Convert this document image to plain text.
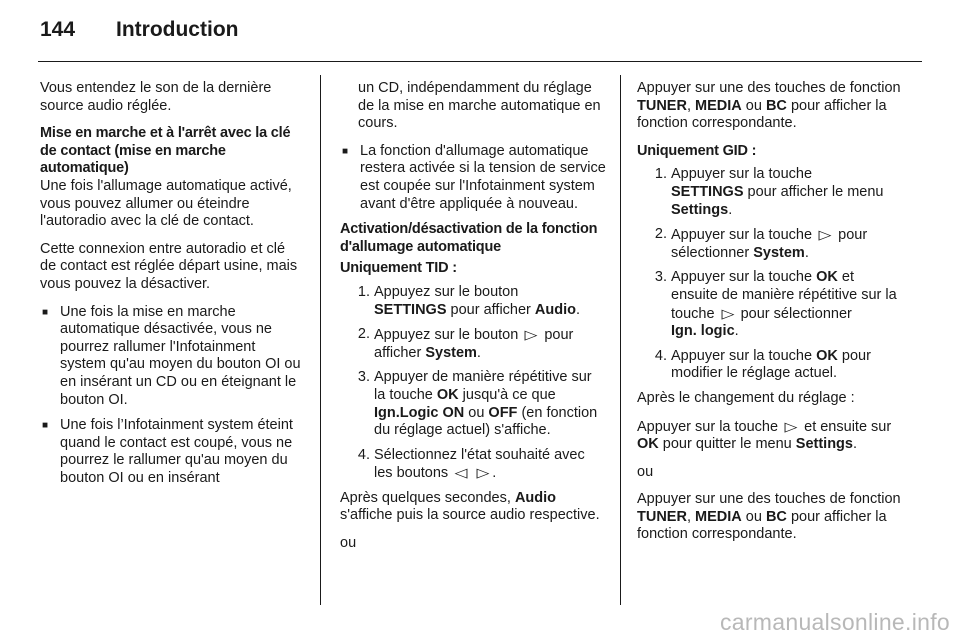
144	Introduction

Vous entendez le son de la dernière source audio réglée.

Mise en marche et à l'arrêt avec la clé de contact (mise en marche automatique)

Une fois l'allumage automatique activé, vous pouvez allumer ou éteindre l'autoradio avec la clé de contact.

Cette connexion entre autoradio et clé de contact est réglée départ usine, mais vous pouvez la désactiver.

■ Une fois la mise en marche automatique désactivée, vous ne pourrez rallumer l'Infotainment system qu'au moyen du bouton OI ou en insérant un CD ou en éteignant le bouton OI.
■ Une fois l’Infotainment system éteint quand le contact est coupé, vous ne pourrez le rallumer qu'au moyen du bouton OI ou en insérant
un CD, indépendamment du réglage de la mise en marche automatique en cours.
■ La fonction d'allumage automatique restera activée si la tension de service est coupée sur l'Infotainment system avant d'être appliquée à nouveau.

Activation/désactivation de la fonction d'allumage automatique

Uniquement TID :

1. Appuyez sur le bouton
SETTINGS pour afficher Audio.
2. Appuyez sur le bouton ▷ pour afficher System.
3. Appuyer de manière répétitive sur la touche OK jusqu'à ce que Ign.Logic ON ou OFF (en fonction du réglage actuel) s'affiche.
4. Sélectionnez l'état souhaité avec les boutons ◁ ▷ .

Après quelques secondes, Audio s'affiche puis la source audio respective.

ou

Appuyer sur une des touches de fonction TUNER, MEDIA ou BC pour afficher la fonction correspondante.

Uniquement GID :

1. Appuyer sur la touche
SETTINGS pour afficher le menu
Settings.
2. Appuyer sur la touche ▷ pour sélectionner System.
3. Appuyer sur la touche OK et ensuite de manière répétitive sur la touche ▷ pour sélectionner
Ign. logic.
4. Appuyer sur la touche OK pour modifier le réglage actuel.

Après le changement du réglage :

Appuyer sur la touche ▷ et ensuite sur OK pour quitter le menu Settings.

ou

Appuyer sur une des touches de fonction TUNER, MEDIA ou BC pour afficher la fonction correspondante.

carmanualsonline.info
